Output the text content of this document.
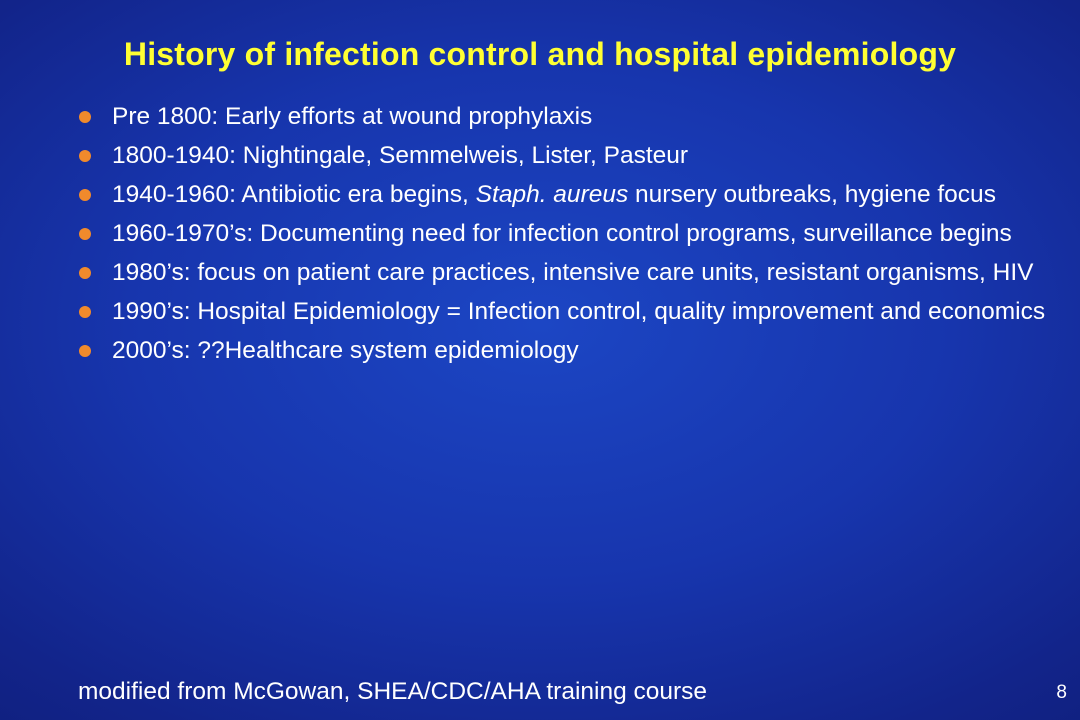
History of infection control and hospital epidemiology
Pre 1800: Early efforts at wound prophylaxis
1800-1940: Nightingale, Semmelweis, Lister, Pasteur
1940-1960: Antibiotic era begins, Staph. aureus nursery outbreaks, hygiene focus
1960-1970’s: Documenting need for infection control programs, surveillance begins
1980’s: focus on patient care practices, intensive care units, resistant organisms, HIV
1990’s: Hospital Epidemiology = Infection control, quality improvement and economics
2000’s: ??Healthcare system epidemiology
modified from McGowan, SHEA/CDC/AHA training course	8
